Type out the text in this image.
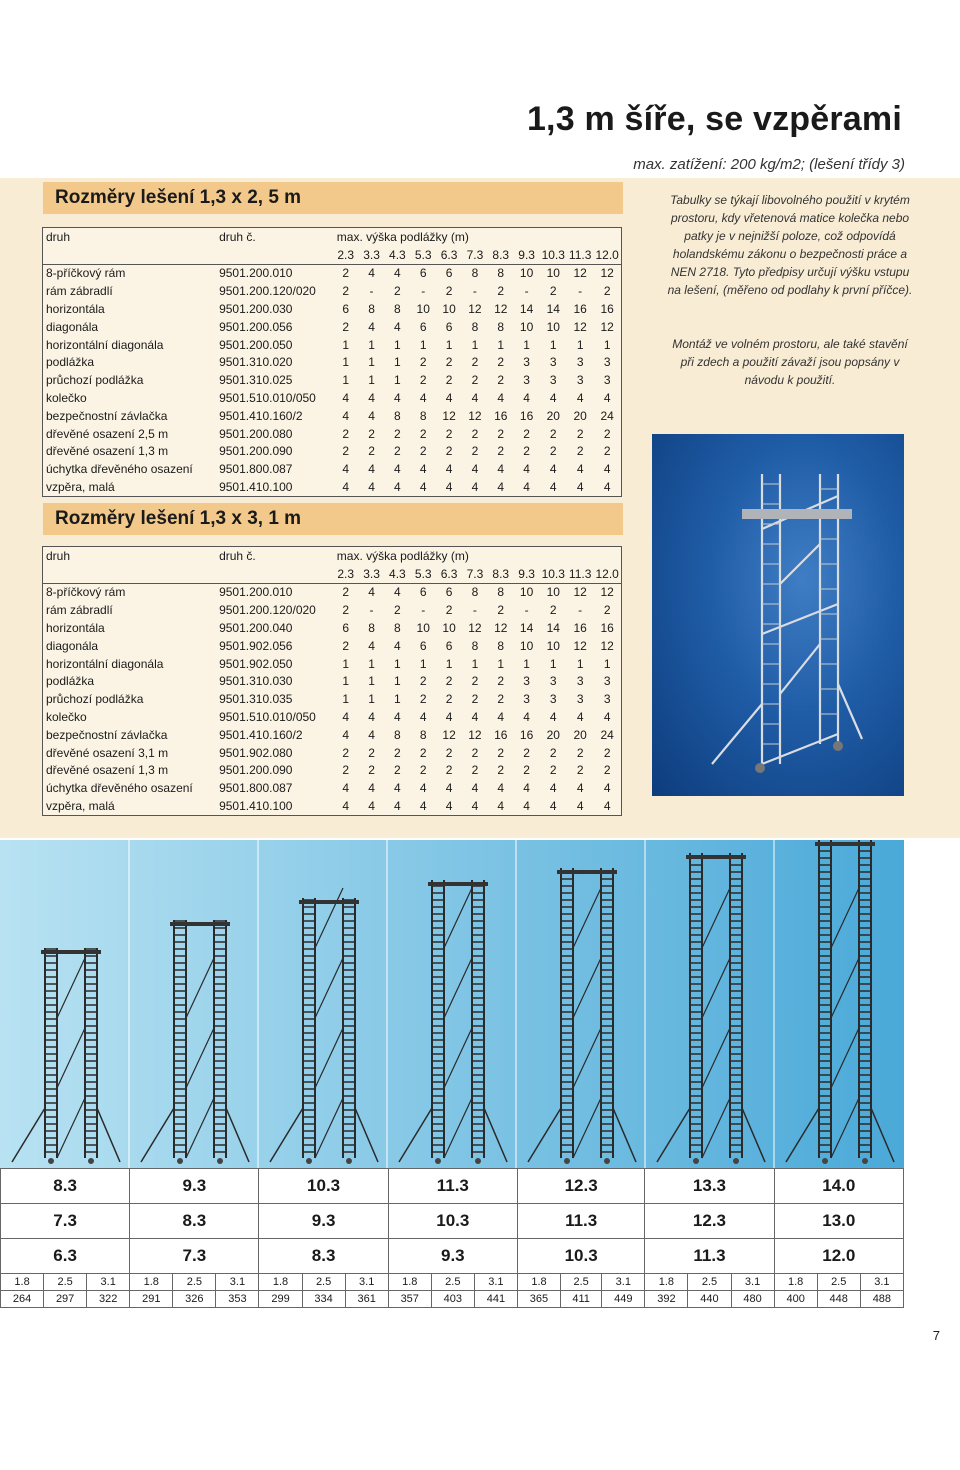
1,3 m šíře, se vzpěrami
max. zatížení: 200 kg/m2; (lešení třídy 3)
Rozměry lešení 1,3 x 2, 5 m
druh	druh č.	max. výška podlážky (m)										
		2.3	3.3	4.3	5.3	6.3	7.3	8.3	9.3	10.3	11.3	12.0
8-příčkový rám	9501.200.010	2	4	4	6	6	8	8	10	10	12	12
rám zábradlí	9501.200.120/020	2	-	2	-	2	-	2	-	2	-	2
horizontála	9501.200.030	6	8	8	10	10	12	12	14	14	16	16
diagonála	9501.200.056	2	4	4	6	6	8	8	10	10	12	12
horizontální diagonála	9501.200.050	1	1	1	1	1	1	1	1	1	1	1
podlážka	9501.310.020	1	1	1	2	2	2	2	3	3	3	3
průchozí podlážka	9501.310.025	1	1	1	2	2	2	2	3	3	3	3
kolečko	9501.510.010/050	4	4	4	4	4	4	4	4	4	4	4
bezpečnostní závlačka	9501.410.160/2	4	4	8	8	12	12	16	16	20	20	24
dřevěné osazení 2,5 m	9501.200.080	2	2	2	2	2	2	2	2	2	2	2
dřevěné osazení 1,3 m	9501.200.090	2	2	2	2	2	2	2	2	2	2	2
úchytka dřevěného osazení	9501.800.087	4	4	4	4	4	4	4	4	4	4	4
vzpěra, malá	9501.410.100	4	4	4	4	4	4	4	4	4	4	4
Rozměry lešení 1,3 x 3, 1 m
druh	druh č.	max. výška podlážky (m)										
		2.3	3.3	4.3	5.3	6.3	7.3	8.3	9.3	10.3	11.3	12.0
8-příčkový rám	9501.200.010	2	4	4	6	6	8	8	10	10	12	12
rám zábradlí	9501.200.120/020	2	-	2	-	2	-	2	-	2	-	2
horizontála	9501.200.040	6	8	8	10	10	12	12	14	14	16	16
diagonála	9501.902.056	2	4	4	6	6	8	8	10	10	12	12
horizontální diagonála	9501.902.050	1	1	1	1	1	1	1	1	1	1	1
podlážka	9501.310.030	1	1	1	2	2	2	2	3	3	3	3
průchozí podlážka	9501.310.035	1	1	1	2	2	2	2	3	3	3	3
kolečko	9501.510.010/050	4	4	4	4	4	4	4	4	4	4	4
bezpečnostní závlačka	9501.410.160/2	4	4	8	8	12	12	16	16	20	20	24
dřevěné osazení 3,1 m	9501.902.080	2	2	2	2	2	2	2	2	2	2	2
dřevěné osazení 1,3 m	9501.200.090	2	2	2	2	2	2	2	2	2	2	2
úchytka dřevěného osazení	9501.800.087	4	4	4	4	4	4	4	4	4	4	4
vzpěra, malá	9501.410.100	4	4	4	4	4	4	4	4	4	4	4
Tabulky se týkají libovolného použití v krytém prostoru, kdy vřetenová matice kolečka nebo patky je v nejnižší poloze, což odpovídá holandskému zákonu o bezpečnosti práce a NEN 2718. Tyto předpisy určují výšku vstupu na lešení, (měřeno od podlahy k první příčce).
Montáž ve volném prostoru, ale také stavění při zdech a použití závaží jsou popsány v návodu k použití.
8.3			9.3			10.3			11.3			12.3			13.3			14.0		
7.3			8.3			9.3			10.3			11.3			12.3			13.0		
6.3			7.3			8.3			9.3			10.3			11.3			12.0		
1.8	2.5	3.1	1.8	2.5	3.1	1.8	2.5	3.1	1.8	2.5	3.1	1.8	2.5	3.1	1.8	2.5	3.1	1.8	2.5	3.1
264	297	322	291	326	353	299	334	361	357	403	441	365	411	449	392	440	480	400	448	488
7
